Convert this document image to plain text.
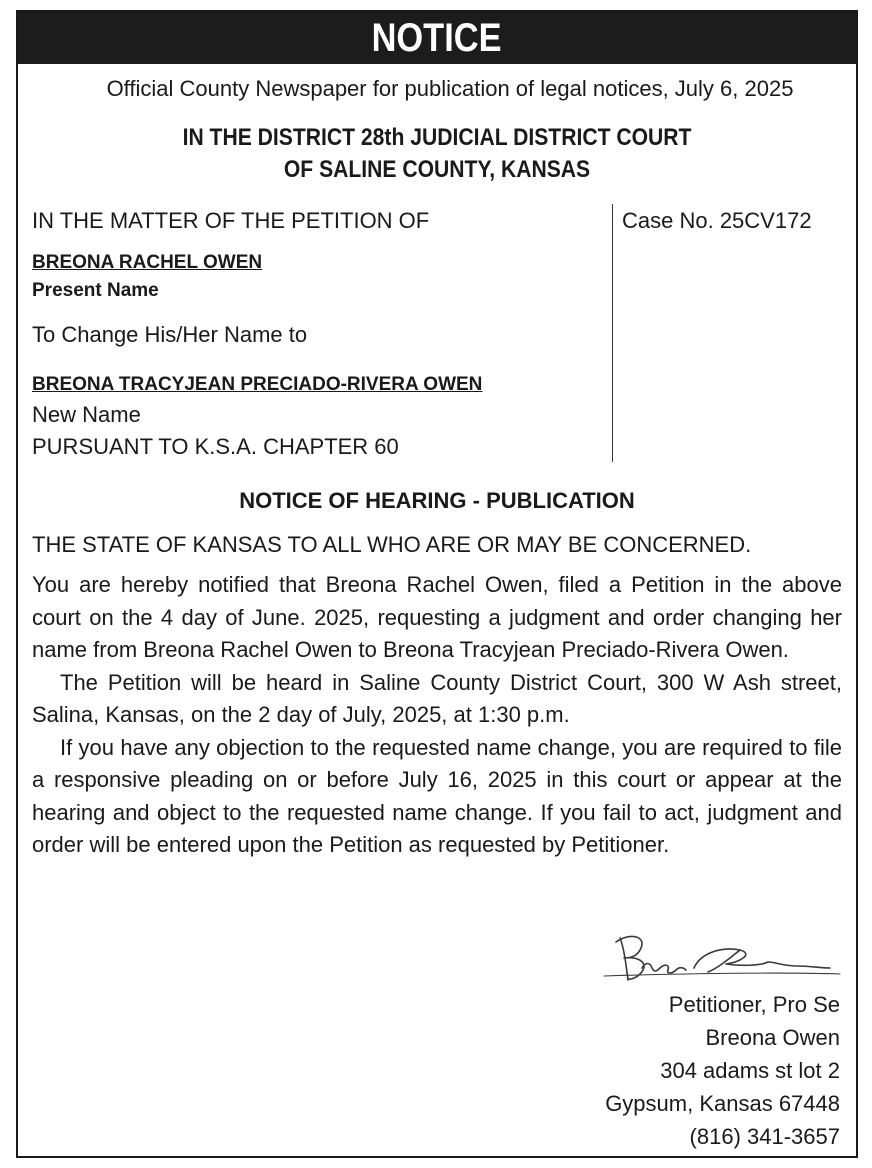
NOTICE
Official County Newspaper for publication of legal notices, July 6, 2025
IN THE DISTRICT 28th JUDICIAL DISTRICT COURT
OF SALINE COUNTY, KANSAS
IN THE MATTER OF THE PETITION OF
BREONA RACHEL OWEN
Present Name
To Change His/Her Name to
BREONA TRACYJEAN PRECIADO-RIVERA OWEN
New Name
PURSUANT TO K.S.A. CHAPTER 60
Case No. 25CV172
NOTICE OF HEARING - PUBLICATION
THE STATE OF KANSAS TO ALL WHO ARE OR MAY BE CONCERNED.

You are hereby notified that Breona Rachel Owen, filed a Petition in the above court on the 4 day of June. 2025, requesting a judgment and order changing her name from Breona Rachel Owen to Breona Tracyjean Preciado-Rivera Owen.

The Petition will be heard in Saline County District Court, 300 W Ash street, Salina, Kansas, on the 2 day of July, 2025, at 1:30 p.m.

If you have any objection to the requested name change, you are required to file a responsive pleading on or before July 16, 2025 in this court or appear at the hearing and object to the requested name change. If you fail to act, judgment and order will be entered upon the Petition as requested by Petitioner.

Petitioner, Pro Se
Breona Owen
304 adams st lot 2
Gypsum, Kansas 67448
(816) 341-3657
